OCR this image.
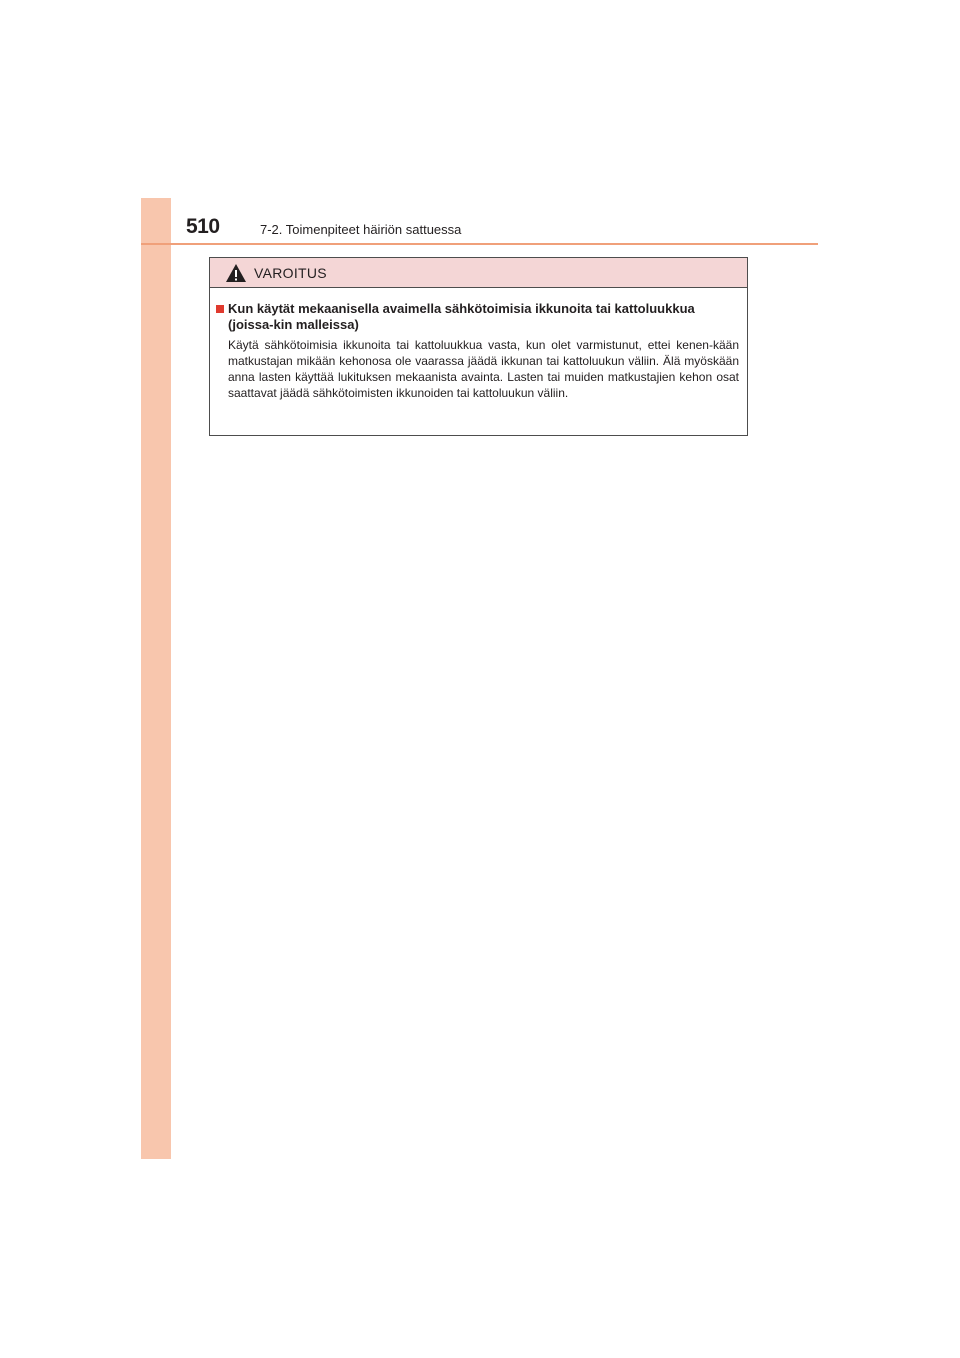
510	7-2. Toimenpiteet häiriön sattuessa
VAROITUS

Kun käytät mekaanisella avaimella sähkötoimisia ikkunoita tai kattoluukkua (joissa-kin malleissa)

Käytä sähkötoimisia ikkunoita tai kattoluukkua vasta, kun olet varmistunut, ettei kenen-kään matkustajan mikään kehonosa ole vaarassa jäädä ikkunan tai kattoluukun väliin. Älä myöskään anna lasten käyttää lukituksen mekaanista avainta. Lasten tai muiden matkustajien kehon osat saattavat jäädä sähkötoimisten ikkunoiden tai kattoluukun väliin.
